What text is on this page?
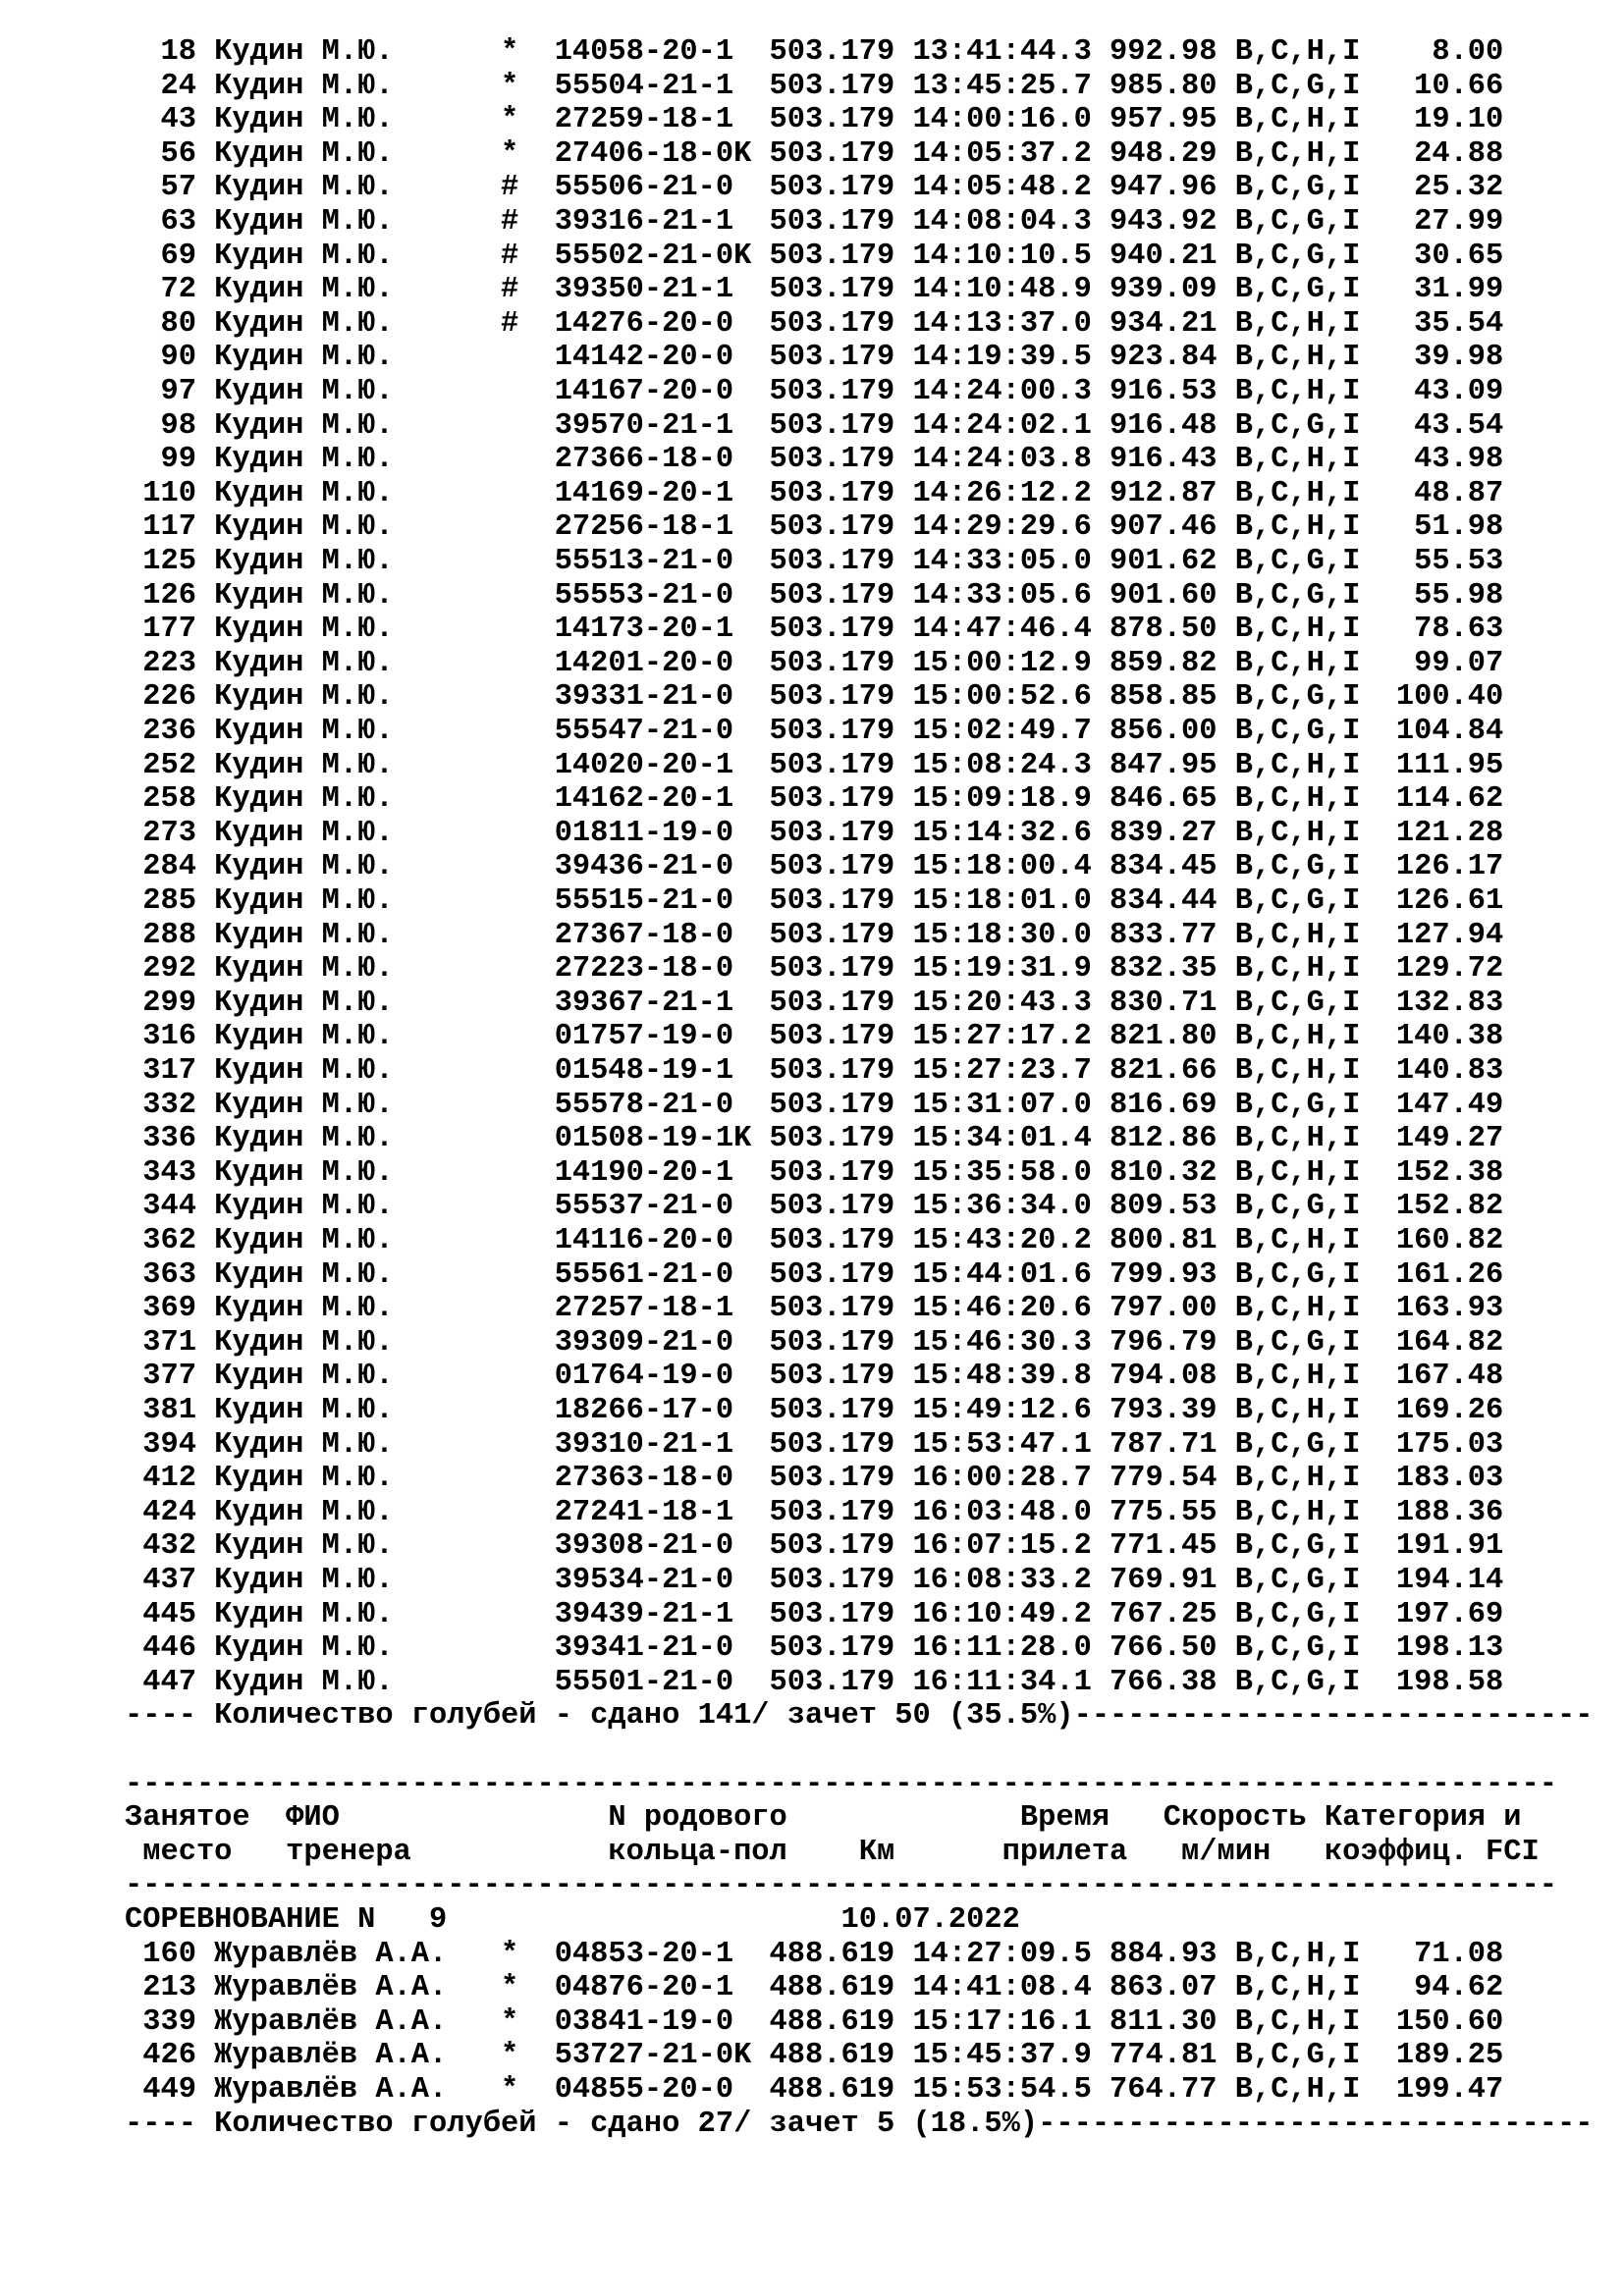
18 Кудин М.Ю.      *  14058-20-1  503.179 13:41:44.3 992.98 B,C,H,I    8.00
24 Кудин М.Ю.      *  55504-21-1  503.179 13:45:25.7 985.80 B,C,G,I   10.66
43 Кудин М.Ю.      *  27259-18-1  503.179 14:00:16.0 957.95 B,C,H,I   19.10
56 Кудин М.Ю.      *  27406-18-0K 503.179 14:05:37.2 948.29 B,C,H,I   24.88
57 Кудин М.Ю.      #  55506-21-0  503.179 14:05:48.2 947.96 B,C,G,I   25.32
63 Кудин М.Ю.      #  39316-21-1  503.179 14:08:04.3 943.92 B,C,G,I   27.99
69 Кудин М.Ю.      #  55502-21-0K 503.179 14:10:10.5 940.21 B,C,G,I   30.65
72 Кудин М.Ю.      #  39350-21-1  503.179 14:10:48.9 939.09 B,C,G,I   31.99
80 Кудин М.Ю.      #  14276-20-0  503.179 14:13:37.0 934.21 B,C,H,I   35.54
90 Кудин М.Ю.         14142-20-0  503.179 14:19:39.5 923.84 B,C,H,I   39.98
97 Кудин М.Ю.         14167-20-0  503.179 14:24:00.3 916.53 B,C,H,I   43.09
98 Кудин М.Ю.         39570-21-1  503.179 14:24:02.1 916.48 B,C,G,I   43.54
99 Кудин М.Ю.         27366-18-0  503.179 14:24:03.8 916.43 B,C,H,I   43.98
110 Кудин М.Ю.         14169-20-1  503.179 14:26:12.2 912.87 B,C,H,I   48.87
117 Кудин М.Ю.         27256-18-1  503.179 14:29:29.6 907.46 B,C,H,I   51.98
125 Кудин М.Ю.         55513-21-0  503.179 14:33:05.0 901.62 B,C,G,I   55.53
126 Кудин М.Ю.         55553-21-0  503.179 14:33:05.6 901.60 B,C,G,I   55.98
177 Кудин М.Ю.         14173-20-1  503.179 14:47:46.4 878.50 B,C,H,I   78.63
223 Кудин М.Ю.         14201-20-0  503.179 15:00:12.9 859.82 B,C,H,I   99.07
226 Кудин М.Ю.         39331-21-0  503.179 15:00:52.6 858.85 B,C,G,I  100.40
236 Кудин М.Ю.         55547-21-0  503.179 15:02:49.7 856.00 B,C,G,I  104.84
252 Кудин М.Ю.         14020-20-1  503.179 15:08:24.3 847.95 B,C,H,I  111.95
258 Кудин М.Ю.         14162-20-1  503.179 15:09:18.9 846.65 B,C,H,I  114.62
273 Кудин М.Ю.         01811-19-0  503.179 15:14:32.6 839.27 B,C,H,I  121.28
284 Кудин М.Ю.         39436-21-0  503.179 15:18:00.4 834.45 B,C,G,I  126.17
285 Кудин М.Ю.         55515-21-0  503.179 15:18:01.0 834.44 B,C,G,I  126.61
288 Кудин М.Ю.         27367-18-0  503.179 15:18:30.0 833.77 B,C,H,I  127.94
292 Кудин М.Ю.         27223-18-0  503.179 15:19:31.9 832.35 B,C,H,I  129.72
299 Кудин М.Ю.         39367-21-1  503.179 15:20:43.3 830.71 B,C,G,I  132.83
316 Кудин М.Ю.         01757-19-0  503.179 15:27:17.2 821.80 B,C,H,I  140.38
317 Кудин М.Ю.         01548-19-1  503.179 15:27:23.7 821.66 B,C,H,I  140.83
332 Кудин М.Ю.         55578-21-0  503.179 15:31:07.0 816.69 B,C,G,I  147.49
336 Кудин М.Ю.         01508-19-1K 503.179 15:34:01.4 812.86 B,C,H,I  149.27
343 Кудин М.Ю.         14190-20-1  503.179 15:35:58.0 810.32 B,C,H,I  152.38
344 Кудин М.Ю.         55537-21-0  503.179 15:36:34.0 809.53 B,C,G,I  152.82
362 Кудин М.Ю.         14116-20-0  503.179 15:43:20.2 800.81 B,C,H,I  160.82
363 Кудин М.Ю.         55561-21-0  503.179 15:44:01.6 799.93 B,C,G,I  161.26
369 Кудин М.Ю.         27257-18-1  503.179 15:46:20.6 797.00 B,C,H,I  163.93
371 Кудин М.Ю.         39309-21-0  503.179 15:46:30.3 796.79 B,C,G,I  164.82
377 Кудин М.Ю.         01764-19-0  503.179 15:48:39.8 794.08 B,C,H,I  167.48
381 Кудин М.Ю.         18266-17-0  503.179 15:49:12.6 793.39 B,C,H,I  169.26
394 Кудин М.Ю.         39310-21-1  503.179 15:53:47.1 787.71 B,C,G,I  175.03
412 Кудин М.Ю.         27363-18-0  503.179 16:00:28.7 779.54 B,C,H,I  183.03
424 Кудин М.Ю.         27241-18-1  503.179 16:03:48.0 775.55 B,C,H,I  188.36
432 Кудин М.Ю.         39308-21-0  503.179 16:07:15.2 771.45 B,C,G,I  191.91
437 Кудин М.Ю.         39534-21-0  503.179 16:08:33.2 769.91 B,C,G,I  194.14
445 Кудин М.Ю.         39439-21-1  503.179 16:10:49.2 767.25 B,C,G,I  197.69
446 Кудин М.Ю.         39341-21-0  503.179 16:11:28.0 766.50 B,C,G,I  198.13
447 Кудин М.Ю.         55501-21-0  503.179 16:11:34.1 766.38 B,C,G,I  198.58
---- Количество голубей - сдано 141/ зачет 50 (35.5%)-----------------------------
--------------------------------------------------------------------------------
Занятое  ФИО               N родового             Время   Скорость Категория и
место   тренера           кольца-пол    Км      прилета   м/мин   коэффиц. FCI
--------------------------------------------------------------------------------
СОРЕВНОВАНИЕ N   9                      10.07.2022
160 Журавлёв А.А.   *  04853-20-1  488.619 14:27:09.5 884.93 B,C,H,I   71.08
213 Журавлёв А.А.   *  04876-20-1  488.619 14:41:08.4 863.07 B,C,H,I   94.62
339 Журавлёв А.А.   *  03841-19-0  488.619 15:17:16.1 811.30 B,C,H,I  150.60
426 Журавлёв А.А.   *  53727-21-0K 488.619 15:45:37.9 774.81 B,C,G,I  189.25
449 Журавлёв А.А.   *  04855-20-0  488.619 15:53:54.5 764.77 B,C,H,I  199.47
---- Количество голубей - сдано 27/ зачет 5 (18.5%)-------------------------------
